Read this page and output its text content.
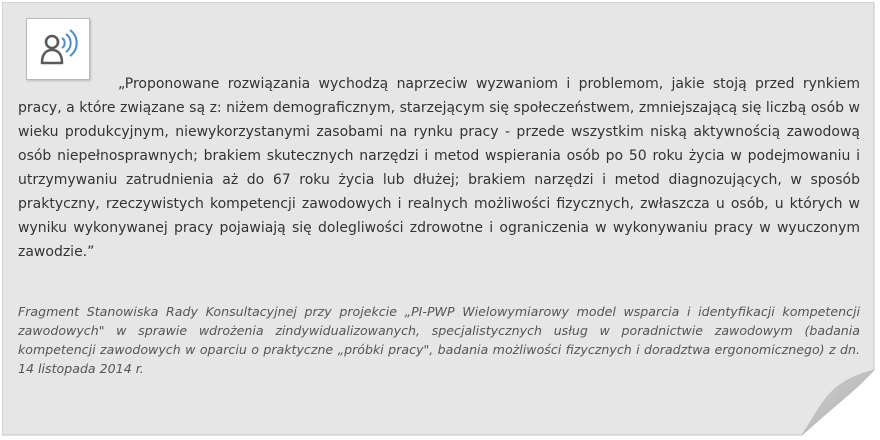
„Proponowane rozwiązania wychodzą naprzeciw wyzwaniom i problemom, jakie stoją przed rynkiem pracy, a które związane są z: niżem demograficznym, starzejącym się społeczeństwem, zmniejszającą się liczbą osób w wieku produkcyjnym, niewykorzystanymi zasobami na rynku pracy - przede wszystkim niską aktywnością zawodową osób niepełnosprawnych; brakiem skutecznych narzędzi i metod wspierania osób po 50 roku życia w podejmowaniu i utrzymywaniu zatrudnienia aż do 67 roku życia lub dłużej; brakiem narzędzi i metod diagnozujących, w sposób praktyczny, rzeczywistych kompetencji zawodowych i realnych możliwości fizycznych, zwłaszcza u osób, u których w wyniku wykonywanej pracy pojawiają się dolegliwości zdrowotne i ograniczenia w wykonywaniu pracy w wyuczonym zawodzie.”

Fragment Stanowiska Rady Konsultacyjnej przy projekcie „PI-PWP Wielowymiarowy model wsparcia i identyfikacji kompetencji zawodowych" w sprawie wdrożenia zindywidualizowanych, specjalistycznych usług w poradnictwie zawodowym (badania kompetencji zawodowych w oparciu o praktyczne „próbki pracy", badania możliwości fizycznych i doradztwa ergonomicznego) z dn. 14 listopada 2014 r.
